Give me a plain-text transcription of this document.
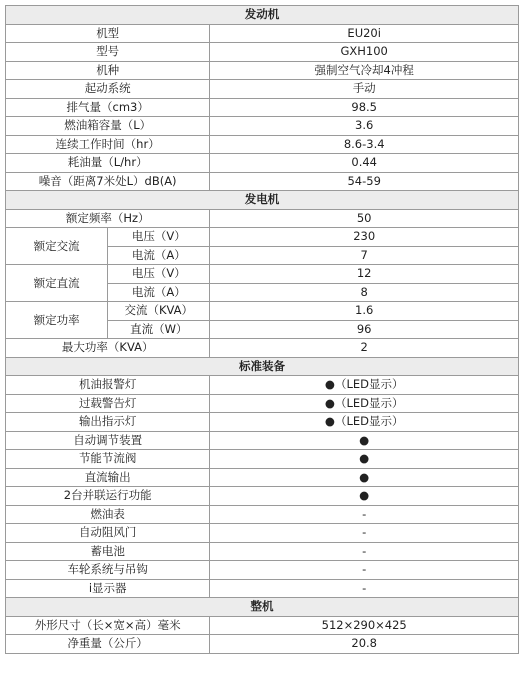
发动机		
机型		EU20i
型号		GXH100
机种		强制空气冷却4冲程
起动系统		手动
排气量（cm3）		98.5
燃油箱容量（L）		3.6
连续工作时间（hr）		8.6-3.4
耗油量（L/hr）		0.44
噪音（距离7米处L）dB(A)		54-59
发电机		
额定频率（Hz）		50
额定交流	电压（V）	230
	电流（A）	7
额定直流	电压（V）	12
	电流（A）	8
额定功率	交流（KVA）	1.6
	直流（W）	96
最大功率（KVA）		2
标准装备		
机油报警灯		●（LED显示）
过载警告灯		●（LED显示）
输出指示灯		●（LED显示）
自动调节装置		●
节能节流阀		●
直流输出		●
2台并联运行功能		●
燃油表		-
自动阻风门		-
蓄电池		-
车轮系统与吊钩		-
i显示器		-
整机		
外形尺寸（长×宽×高）毫米		512×290×425
净重量（公斤）		20.8
